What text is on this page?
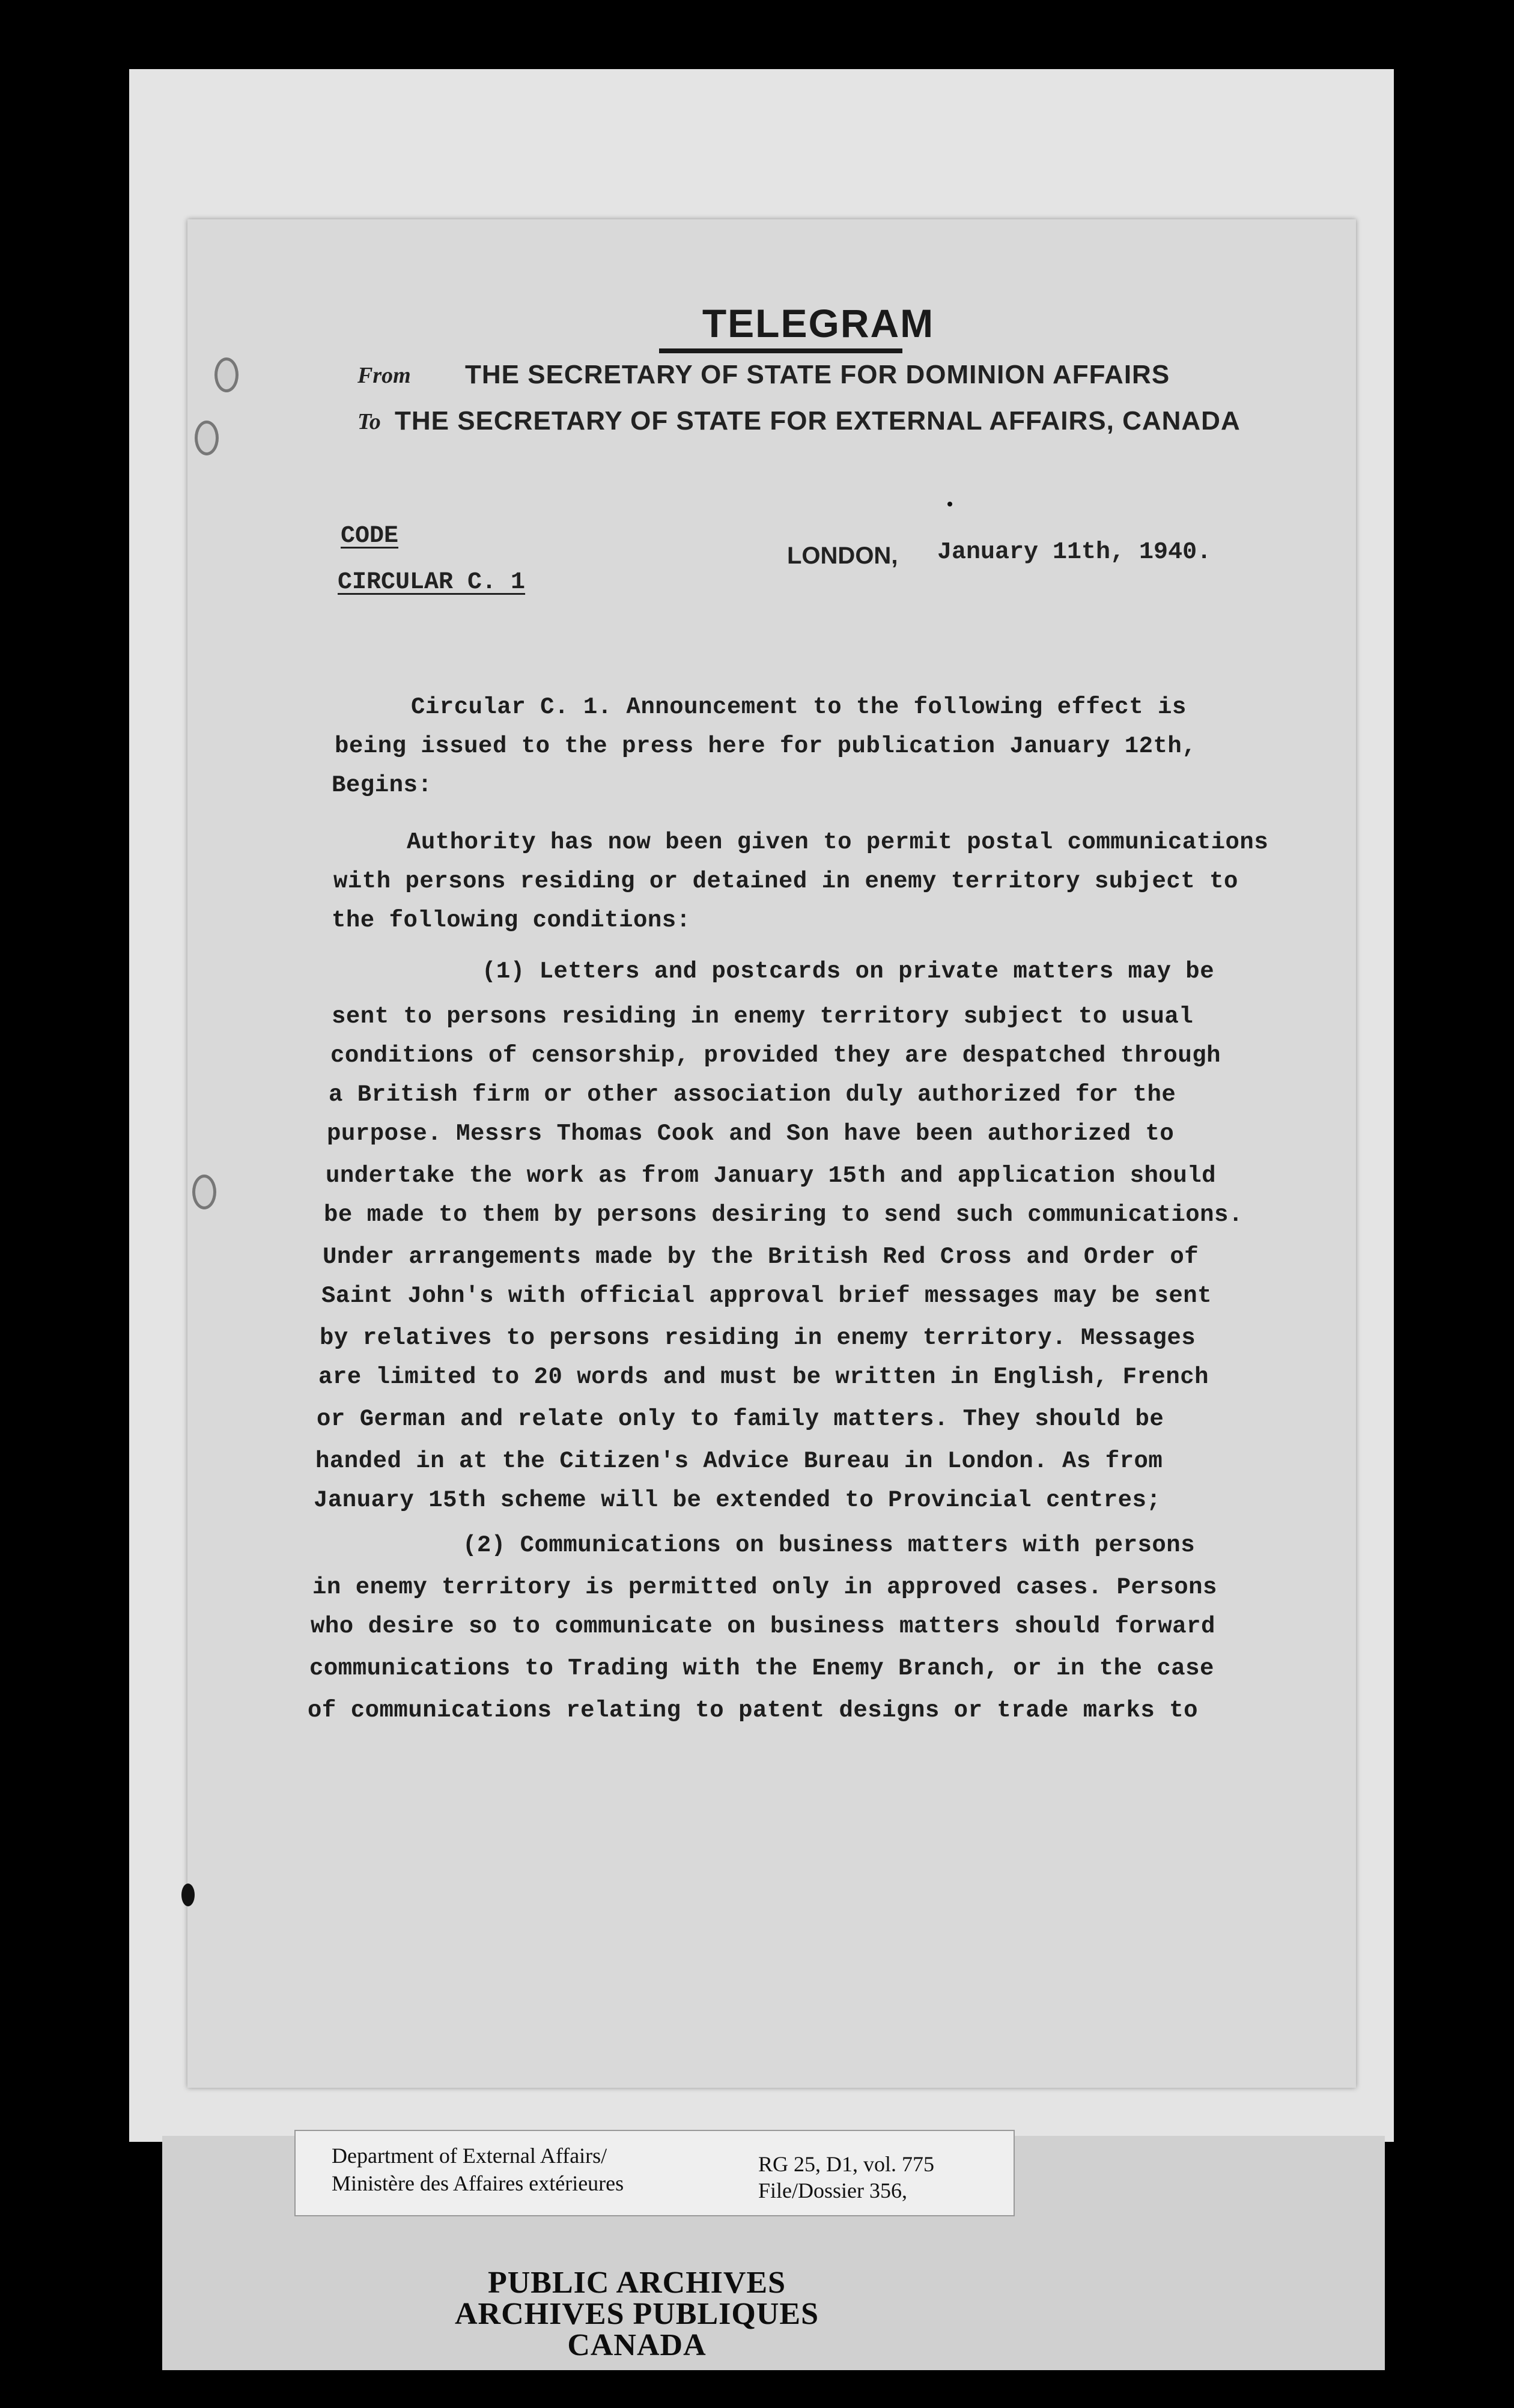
TELEGRAM
From THE SECRETARY OF STATE FOR DOMINION AFFAIRS
To THE SECRETARY OF STATE FOR EXTERNAL AFFAIRS, CANADA
CODE
CIRCULAR C. 1
LONDON, January 11th, 1940.
Circular C. 1. Announcement to the following effect is
being issued to the press here for publication January 12th,
Begins:
Authority has now been given to permit postal communications
with persons residing or detained in enemy territory subject to
the following conditions:
(1) Letters and postcards on private matters may be
sent to persons residing in enemy territory subject to usual
conditions of censorship, provided they are despatched through
a British firm or other association duly authorized for the
purpose. Messrs Thomas Cook and Son have been authorized to
undertake the work as from January 15th and application should
be made to them by persons desiring to send such communications.
Under arrangements made by the British Red Cross and Order of
Saint John's with official approval brief messages may be sent
by relatives to persons residing in enemy territory. Messages
are limited to 20 words and must be written in English, French
or German and relate only to family matters. They should be
handed in at the Citizen's Advice Bureau in London. As from
January 15th scheme will be extended to Provincial centres;
(2) Communications on business matters with persons
in enemy territory is permitted only in approved cases. Persons
who desire so to communicate on business matters should forward
communications to Trading with the Enemy Branch, or in the case
of communications relating to patent designs or trade marks to
PUBLIC ARCHIVES
ARCHIVES PUBLIQUES
CANADA
Department of External Affairs/
Ministère des Affaires extérieures
RG 25, D1, vol. 775
File/Dossier 356,
